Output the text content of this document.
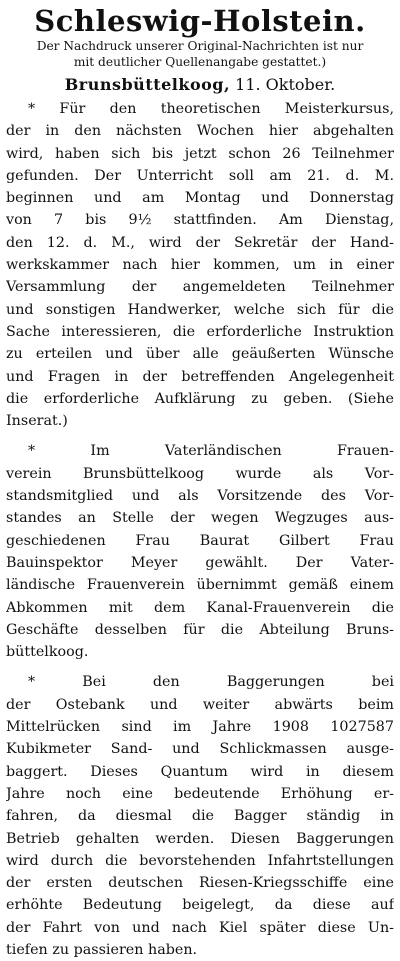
Schleswig-Holstein.
Der Nachdruck unserer Original-Nachrichten ist nur
mit deutlicher Quellenangabe gestattet.)
Brunsbüttelkoog, 11. Oktober.
* Für den theoretischen Meisterkursus,
der in den nächsten Wochen hier abgehalten
wird, haben sich bis jetzt schon 26 Teilnehmer
gefunden. Der Unterricht soll am 21. d. M.
beginnen und am Montag und Donnerstag
von 7 bis 9½ stattfinden. Am Dienstag,
den 12. d. M., wird der Sekretär der Hand-
werkskammer nach hier kommen, um in einer
Versammlung der angemeldeten Teilnehmer
und sonstigen Handwerker, welche sich für die
Sache interessieren, die erforderliche Instruktion
zu erteilen und über alle geäußerten Wünsche
und Fragen in der betreffenden Angelegenheit
die erforderliche Aufklärung zu geben. (Siehe
Inserat.)
* Im Vaterländischen Frauen-
verein Brunsbüttelkoog wurde als Vor-
standsmitglied und als Vorsitzende des Vor-
standes an Stelle der wegen Wegzuges aus-
geschiedenen Frau Baurat Gilbert Frau
Bauinspektor Meyer gewählt. Der Vater-
ländische Frauenverein übernimmt gemäß einem
Abkommen mit dem Kanal-Frauenverein die
Geschäfte desselben für die Abteilung Bruns-
büttelkoog.
* Bei den Baggerungen bei
der Ostebank und weiter abwärts beim
Mittelrücken sind im Jahre 1908 1027587
Kubikmeter Sand- und Schlickmassen ausge-
baggert. Dieses Quantum wird in diesem
Jahre noch eine bedeutende Erhöhung er-
fahren, da diesmal die Bagger ständig in
Betrieb gehalten werden. Diesen Baggerungen
wird durch die bevorstehenden Infahrtstellungen
der ersten deutschen Riesen-Kriegsschiffe eine
erhöhte Bedeutung beigelegt, da diese auf
der Fahrt von und nach Kiel später diese Un-
tiefen zu passieren haben.
